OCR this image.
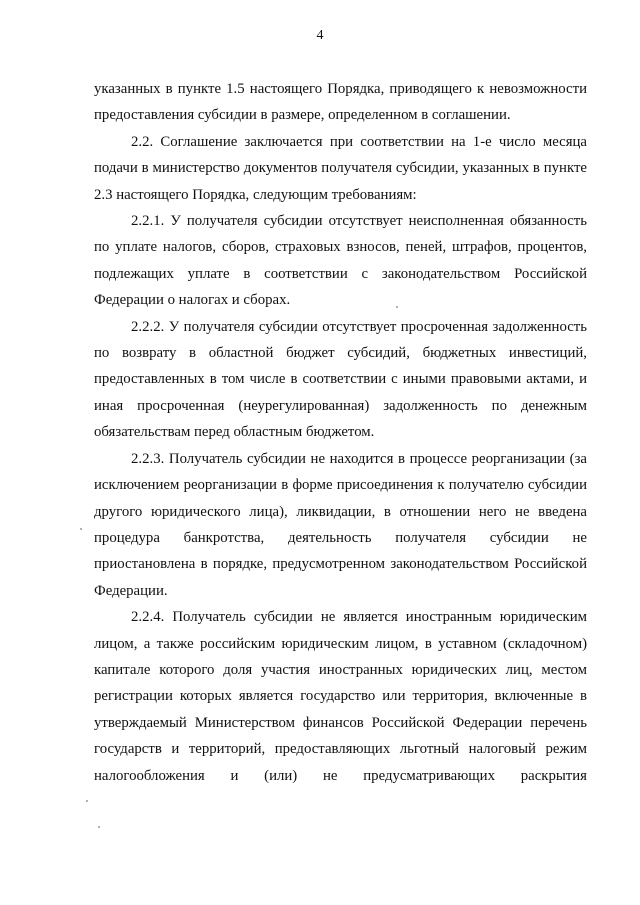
4

указанных в пункте 1.5 настоящего Порядка, приводящего к невозможности предоставления субсидии в размере, определенном в соглашении.

2.2. Соглашение заключается при соответствии на 1-е число месяца подачи в министерство документов получателя субсидии, указанных в пункте 2.3 настоящего Порядка, следующим требованиям:

2.2.1. У получателя субсидии отсутствует неисполненная обязанность по уплате налогов, сборов, страховых взносов, пеней, штрафов, процентов, подлежащих уплате в соответствии с законодательством Российской Федерации о налогах и сборах.

2.2.2. У получателя субсидии отсутствует просроченная задолженность по возврату в областной бюджет субсидий, бюджетных инвестиций, предоставленных в том числе в соответствии с иными правовыми актами, и иная просроченная (неурегулированная) задолженность по денежным обязательствам перед областным бюджетом.

2.2.3. Получатель субсидии не находится в процессе реорганизации (за исключением реорганизации в форме присоединения к получателю субсидии другого юридического лица), ликвидации, в отношении него не введена процедура банкротства, деятельность получателя субсидии не приостановлена в порядке, предусмотренном законодательством Российской Федерации.

2.2.4. Получатель субсидии не является иностранным юридическим лицом, а также российским юридическим лицом, в уставном (складочном) капитале которого доля участия иностранных юридических лиц, местом регистрации которых является государство или территория, включенные в утверждаемый Министерством финансов Российской Федерации перечень государств и территорий, предоставляющих льготный налоговый режим налогообложения и (или) не предусматривающих раскрытия
